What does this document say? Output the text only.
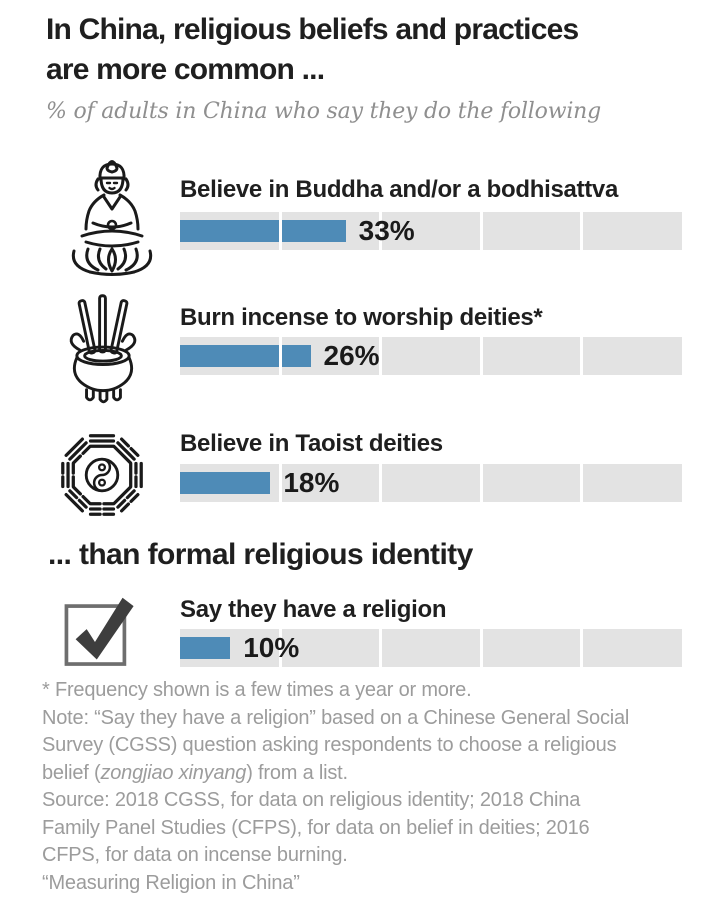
In China, religious beliefs and practices
are more common ...
% of adults in China who say they do the following
Believe in Buddha and/or a bodhisattva
33%
Burn incense to worship deities*
26%
Believe in Taoist deities
18%
... than formal religious identity
Say they have a religion
10%
* Frequency shown is a few times a year or more.
Note: “Say they have a religion” based on a Chinese General Social
Survey (CGSS) question asking respondents to choose a religious
belief (zongjiao xinyang) from a list.
Source: 2018 CGSS, for data on religious identity; 2018 China
Family Panel Studies (CFPS), for data on belief in deities; 2016
CFPS, for data on incense burning.
“Measuring Religion in China”
